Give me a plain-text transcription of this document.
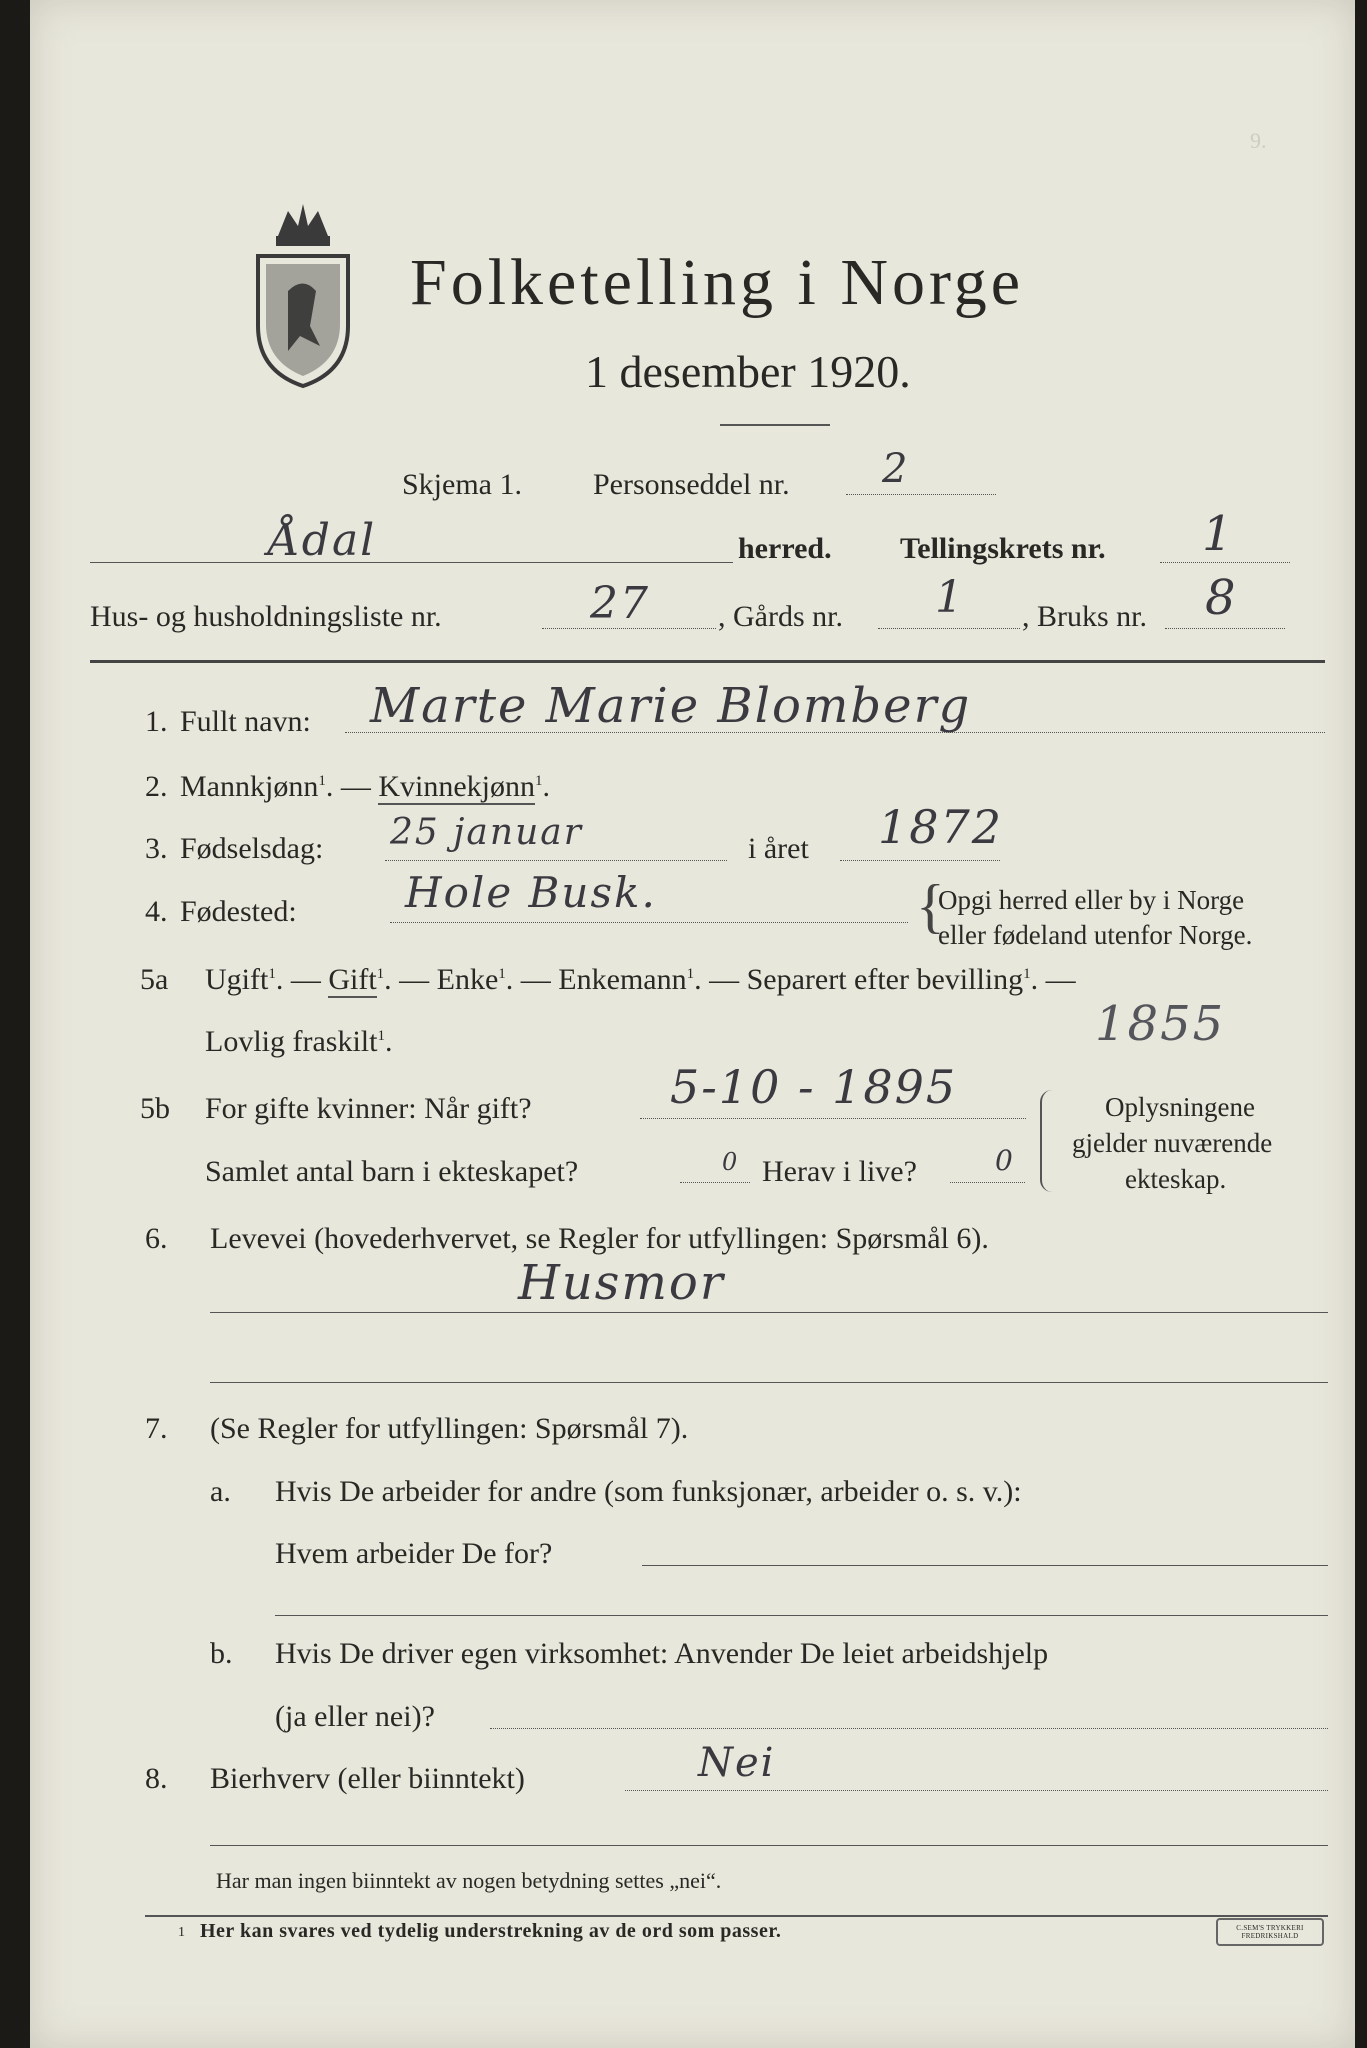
9.
Folketelling i Norge
1 desember 1920.
Skjema 1. Personseddel nr. 2
Ådal	herred. Tellingskrets nr. 1
Hus- og husholdningsliste nr.	27 , Gårds nr. 1 , Bruks nr. 8
1. Fullt navn: Marte Marie Blomberg
2. Mannkjønn$^1$. — Kvinnekjønn$^1$.
3. Fødselsdag: 25 januar	i året 1872
4. Fødested:	Hole Busk.	{
Opgi herred eller by i Norge
eller fødeland utenfor Norge.
5a Ugift$^1$. — Gift$^1$. — Enke$^1$. — Enkemann$^1$. — Separert efter bevilling$^1$. —
Lovlig fraskilt$^1$.	1855
5b For gifte kvinner: Når gift?	5-10 - 1895
Samlet antal barn i ekteskapet?	0 Herav i live?	0
Oplysningene
gjelder nuværende
ekteskap.
6. Levevei (hovederhvervet, se Regler for utfyllingen: Spørsmål 6).
Husmor
7. (Se Regler for utfyllingen: Spørsmål 7).
a. Hvis De arbeider for andre (som funksjonær, arbeider o. s. v.):
Hvem arbeider De for?
b. Hvis De driver egen virksomhet: Anvender De leiet arbeidshjelp
(ja eller nei)?
8. Bierhverv (eller biinntekt)	Nei
Har man ingen biinntekt av nogen betydning settes „nei“.
1 Her kan svares ved tydelig understrekning av de ord som passer.	C.SEM'S TRYKKERI FREDRIKSHALD
